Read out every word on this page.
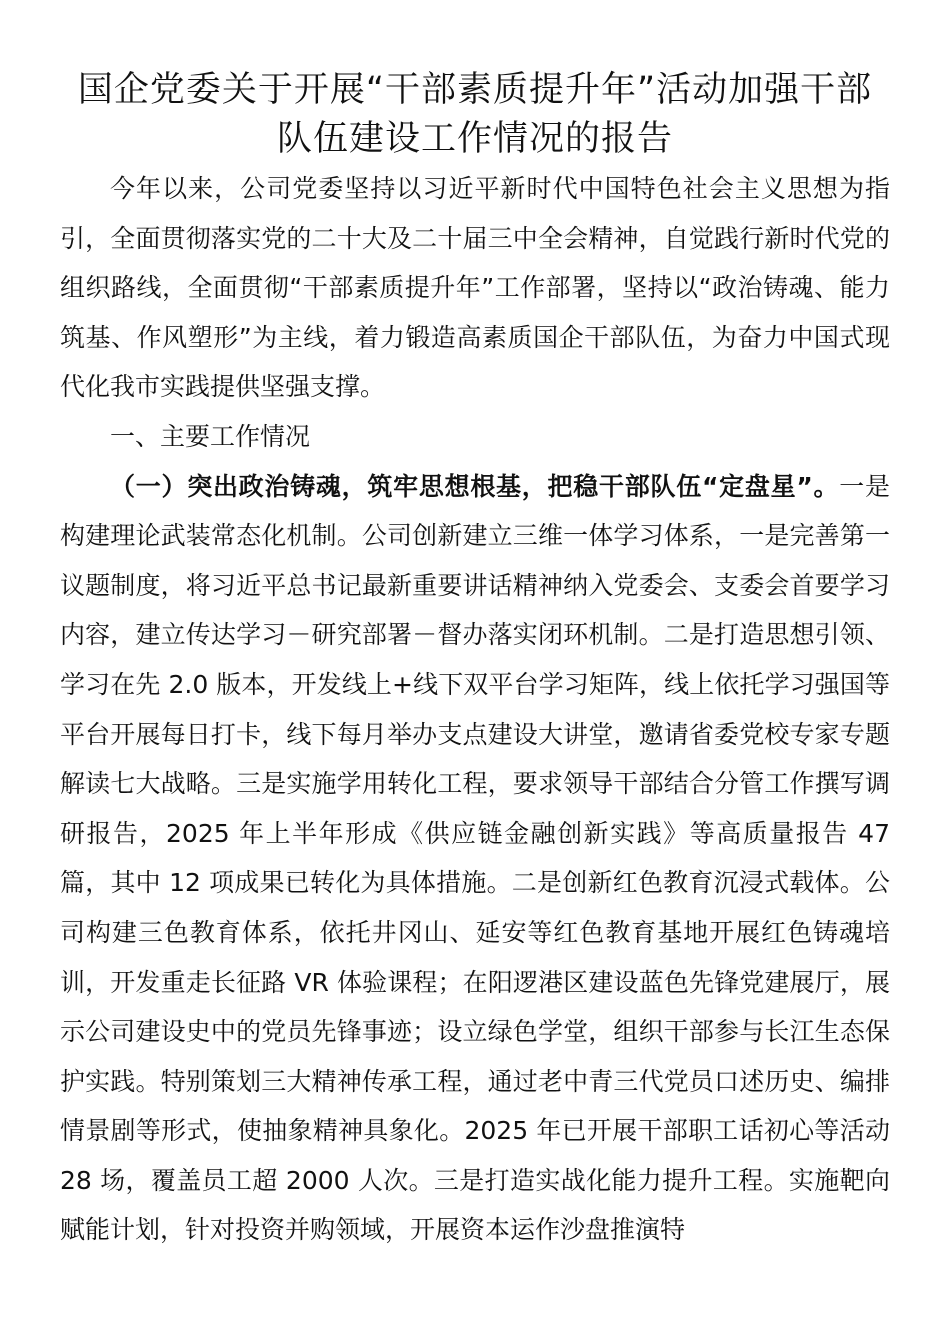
国企党委关于开展“干部素质提升年”活动加强干部
队伍建设工作情况的报告

今年以来，公司党委坚持以习近平新时代中国特色社会主义思想为指引，全面贯彻落实党的二十大及二十届三中全会精神，自觉践行新时代党的组织路线，全面贯彻“干部素质提升年”工作部署，坚持以“政治铸魂、能力筑基、作风塑形”为主线，着力锻造高素质国企干部队伍，为奋力中国式现代化我市实践提供坚强支撑。

一、主要工作情况

（一）突出政治铸魂，筑牢思想根基，把稳干部队伍“定盘星”。一是构建理论武装常态化机制。公司创新建立三维一体学习体系，一是完善第一议题制度，将习近平总书记最新重要讲话精神纳入党委会、支委会首要学习内容，建立传达学习－研究部署－督办落实闭环机制。二是打造思想引领、学习在先 2.0 版本，开发线上+线下双平台学习矩阵，线上依托学习强国等平台开展每日打卡，线下每月举办支点建设大讲堂，邀请省委党校专家专题解读七大战略。三是实施学用转化工程，要求领导干部结合分管工作撰写调研报告，2025 年上半年形成《供应链金融创新实践》等高质量报告 47 篇，其中 12 项成果已转化为具体措施。二是创新红色教育沉浸式载体。公司构建三色教育体系，依托井冈山、延安等红色教育基地开展红色铸魂培训，开发重走长征路 VR 体验课程；在阳逻港区建设蓝色先锋党建展厅，展示公司建设史中的党员先锋事迹；设立绿色学堂，组织干部参与长江生态保护实践。特别策划三大精神传承工程，通过老中青三代党员口述历史、编排情景剧等形式，使抽象精神具象化。2025 年已开展干部职工话初心等活动 28 场，覆盖员工超 2000 人次。三是打造实战化能力提升工程。实施靶向赋能计划，针对投资并购领域，开展资本运作沙盘推演特
